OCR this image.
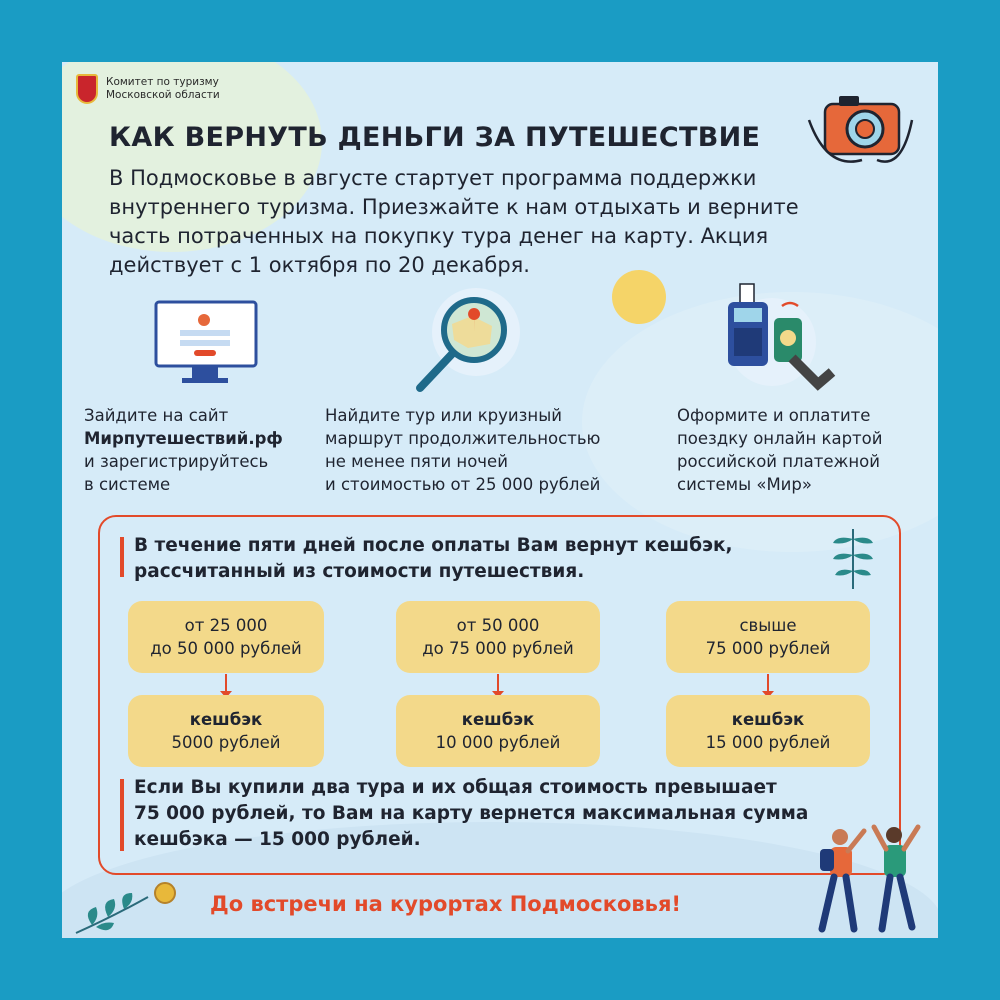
Комитет по туризму
Московской области
КАК ВЕРНУТЬ ДЕНЬГИ ЗА ПУТЕШЕСТВИЕ
В Подмосковье в августе стартует программа поддержки
внутреннего туризма. Приезжайте к нам отдыхать и верните
часть потраченных на покупку тура денег на карту. Акция
действует с 1 октября по 20 декабря.
Зайдите на сайт
Мирпутешествий.рф
и зарегистрируйтесь
в системе
Найдите тур или круизный
маршрут продолжительностью
не менее пяти ночей
и стоимостью от 25 000 рублей
Оформите и оплатите
поездку онлайн картой
российской платежной
системы «Мир»
В течение пяти дней после оплаты Вам вернут кешбэк,
рассчитанный из стоимости путешествия.
от 25 000
до 50 000 рублей
кешбэк
5000 рублей
от 50 000
до 75 000 рублей
кешбэк
10 000 рублей
свыше
75 000 рублей
кешбэк
15 000 рублей
Если Вы купили два тура и их общая стоимость превышает
75 000 рублей, то Вам на карту вернется максимальная сумма
кешбэка — 15 000 рублей.
До встречи на курортах Подмосковья!
